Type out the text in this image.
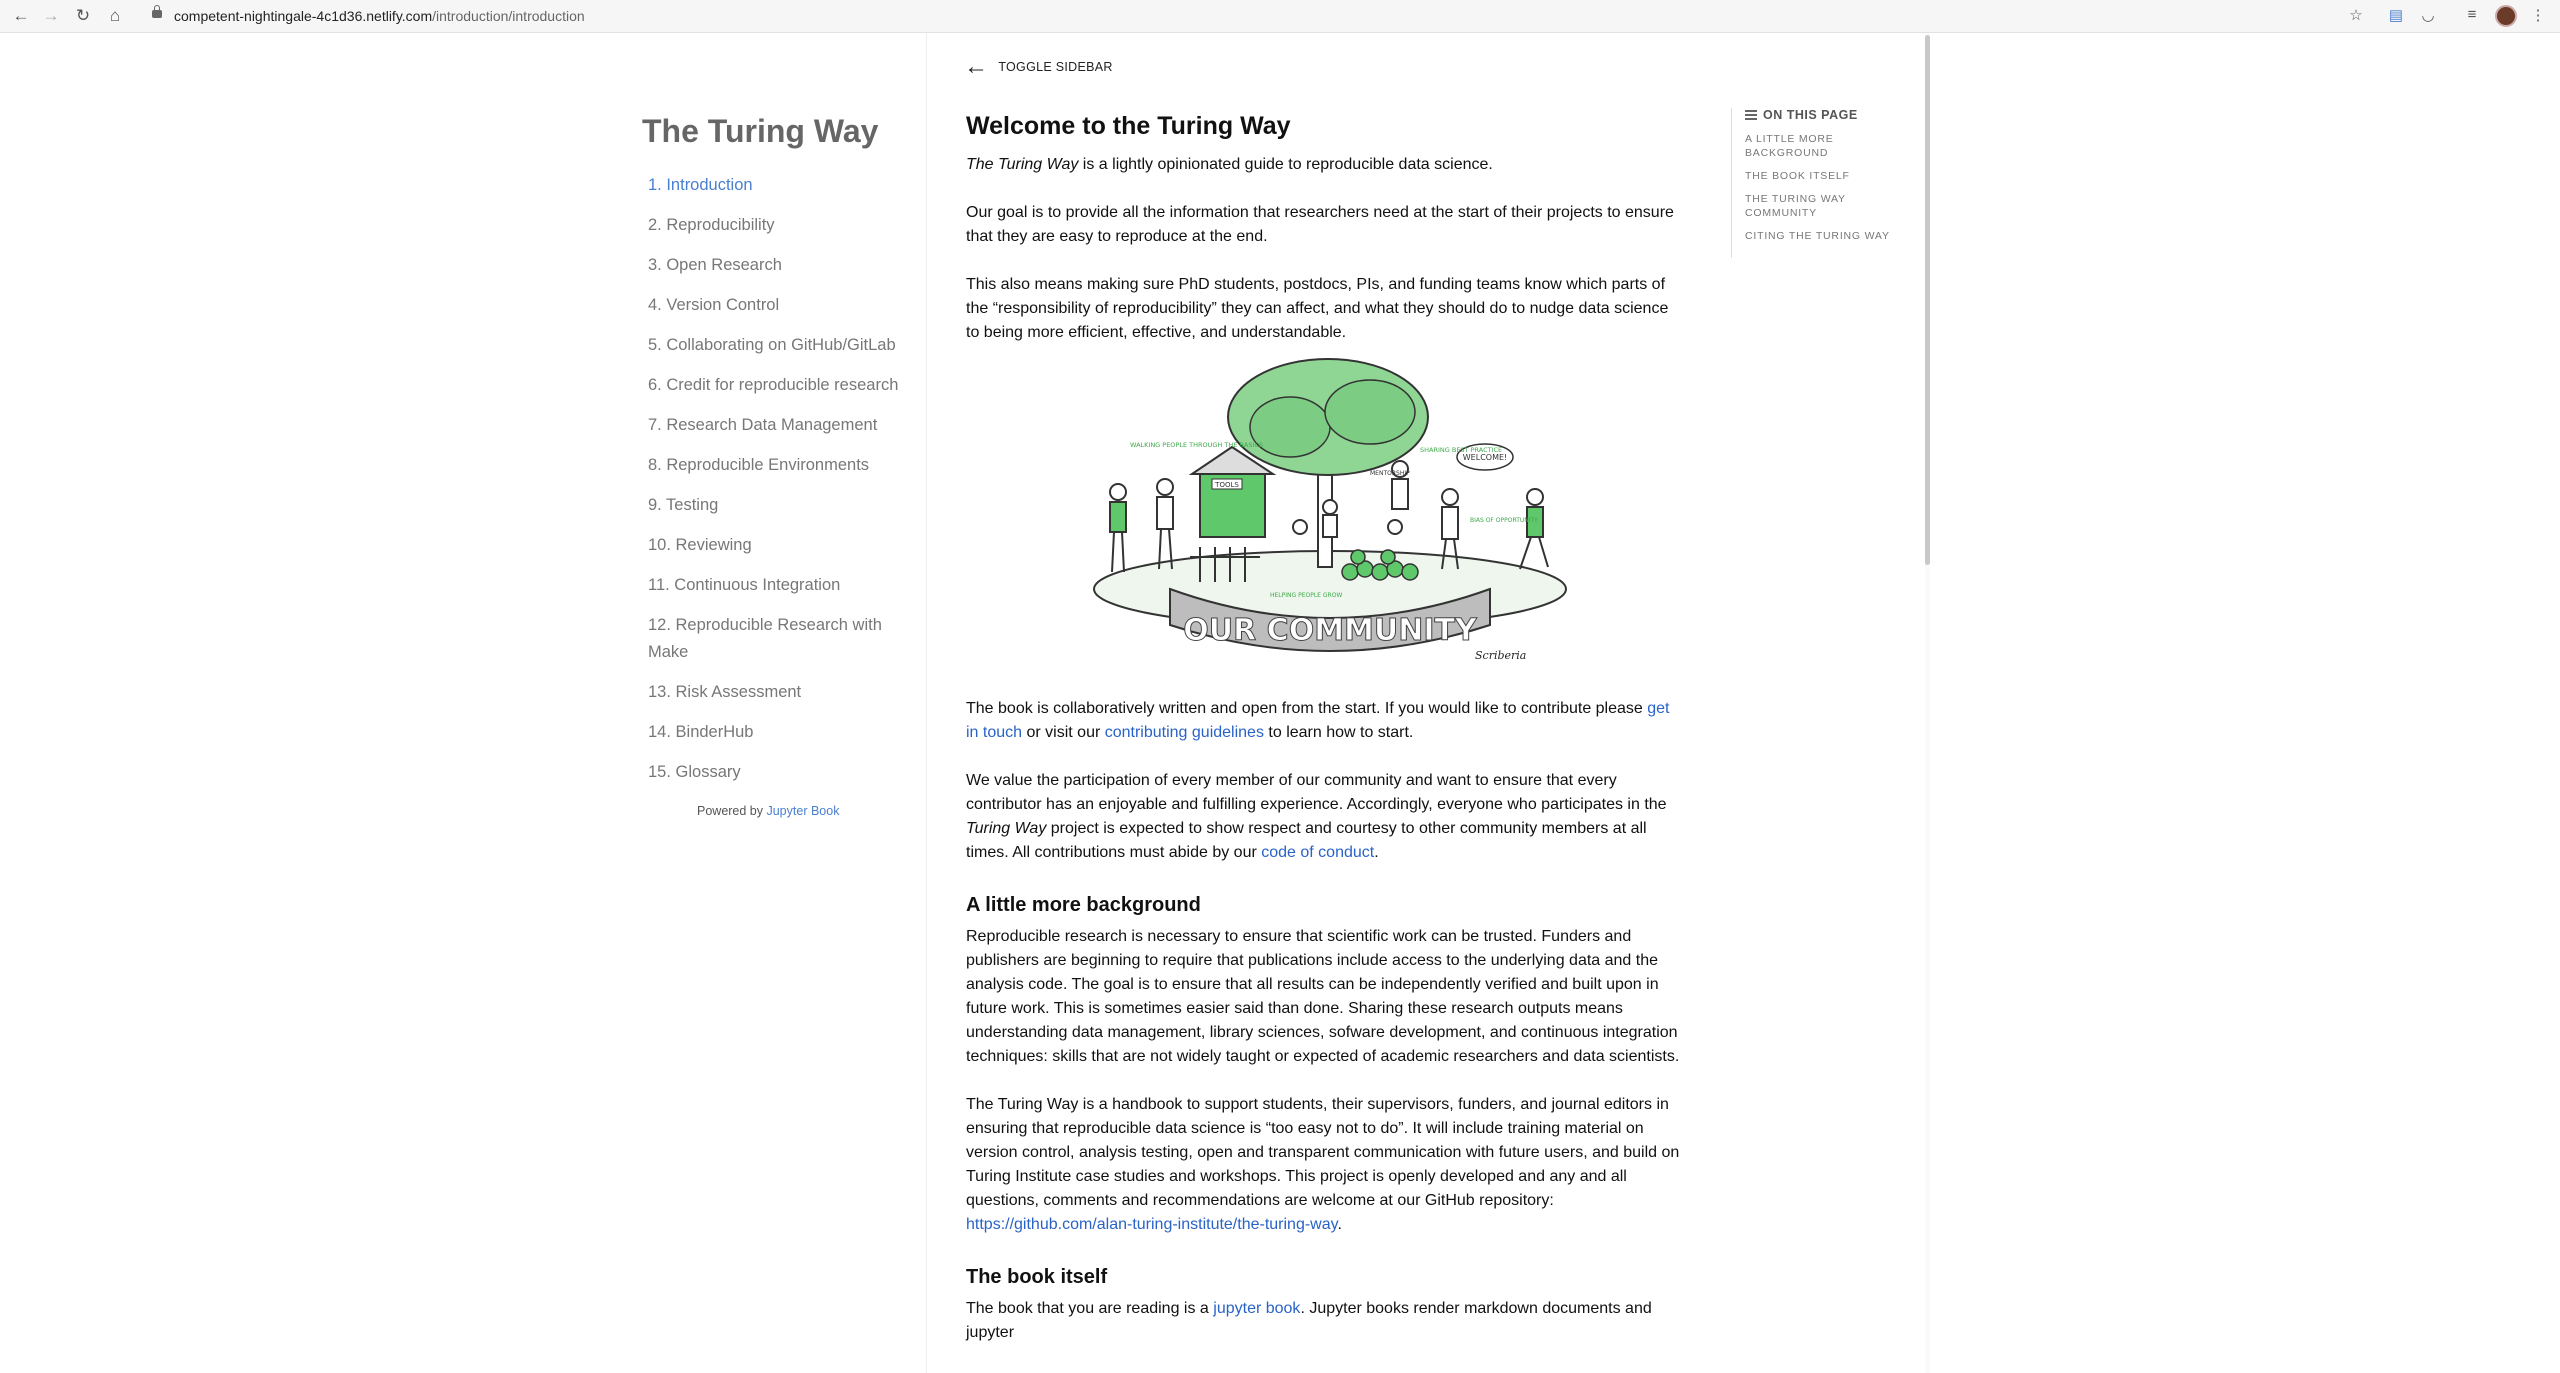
← → ↻ ⌂	competent-nightingale-4c1d36.netlify.com/introduction/introduction	☆ ▤ ◡	≡	⋮
The Turing Way
1. Introduction
2. Reproducibility
3. Open Research
4. Version Control
5. Collaborating on GitHub/GitLab
6. Credit for reproducible research
7. Research Data Management
8. Reproducible Environments
9. Testing
10. Reviewing
11. Continuous Integration
12. Reproducible Research with Make
13. Risk Assessment
14. BinderHub
15. Glossary
Powered by Jupyter Book
← TOGGLE SIDEBAR
Welcome to the Turing Way

The Turing Way is a lightly opinionated guide to reproducible data science.

Our goal is to provide all the information that researchers need at the start of their projects to ensure that they are easy to reproduce at the end.

This also means making sure PhD students, postdocs, PIs, and funding teams know which parts of the “responsibility of reproducibility” they can affect, and what they should do to nudge data science to being more efficient, effective, and understandable.

OUR COMMUNITY
TOOLS
WELCOME!
WALKING PEOPLE THROUGH THE BASICS
SHARING BEST PRACTICE
MENTORSHIP
HELPING PEOPLE GROW
BIAS OF OPPORTUNITY
Scriberia

The book is collaboratively written and open from the start. If you would like to contribute please get in touch or visit our contributing guidelines to learn how to start.

We value the participation of every member of our community and want to ensure that every contributor has an enjoyable and fulfilling experience. Accordingly, everyone who participates in the Turing Way project is expected to show respect and courtesy to other community members at all times. All contributions must abide by our code of conduct.

A little more background

Reproducible research is necessary to ensure that scientific work can be trusted. Funders and publishers are beginning to require that publications include access to the underlying data and the analysis code. The goal is to ensure that all results can be independently verified and built upon in future work. This is sometimes easier said than done. Sharing these research outputs means understanding data management, library sciences, sofware development, and continuous integration techniques: skills that are not widely taught or expected of academic researchers and data scientists.

The Turing Way is a handbook to support students, their supervisors, funders, and journal editors in ensuring that reproducible data science is “too easy not to do”. It will include training material on version control, analysis testing, open and transparent communication with future users, and build on Turing Institute case studies and workshops. This project is openly developed and any and all questions, comments and recommendations are welcome at our GitHub repository: https://github.com/alan-turing-institute/the-turing-way.

The book itself

The book that you are reading is a jupyter book. Jupyter books render markdown documents and jupyter

ON THIS PAGE
A LITTLE MORE BACKGROUND
THE BOOK ITSELF
THE TURING WAY COMMUNITY
CITING THE TURING WAY
